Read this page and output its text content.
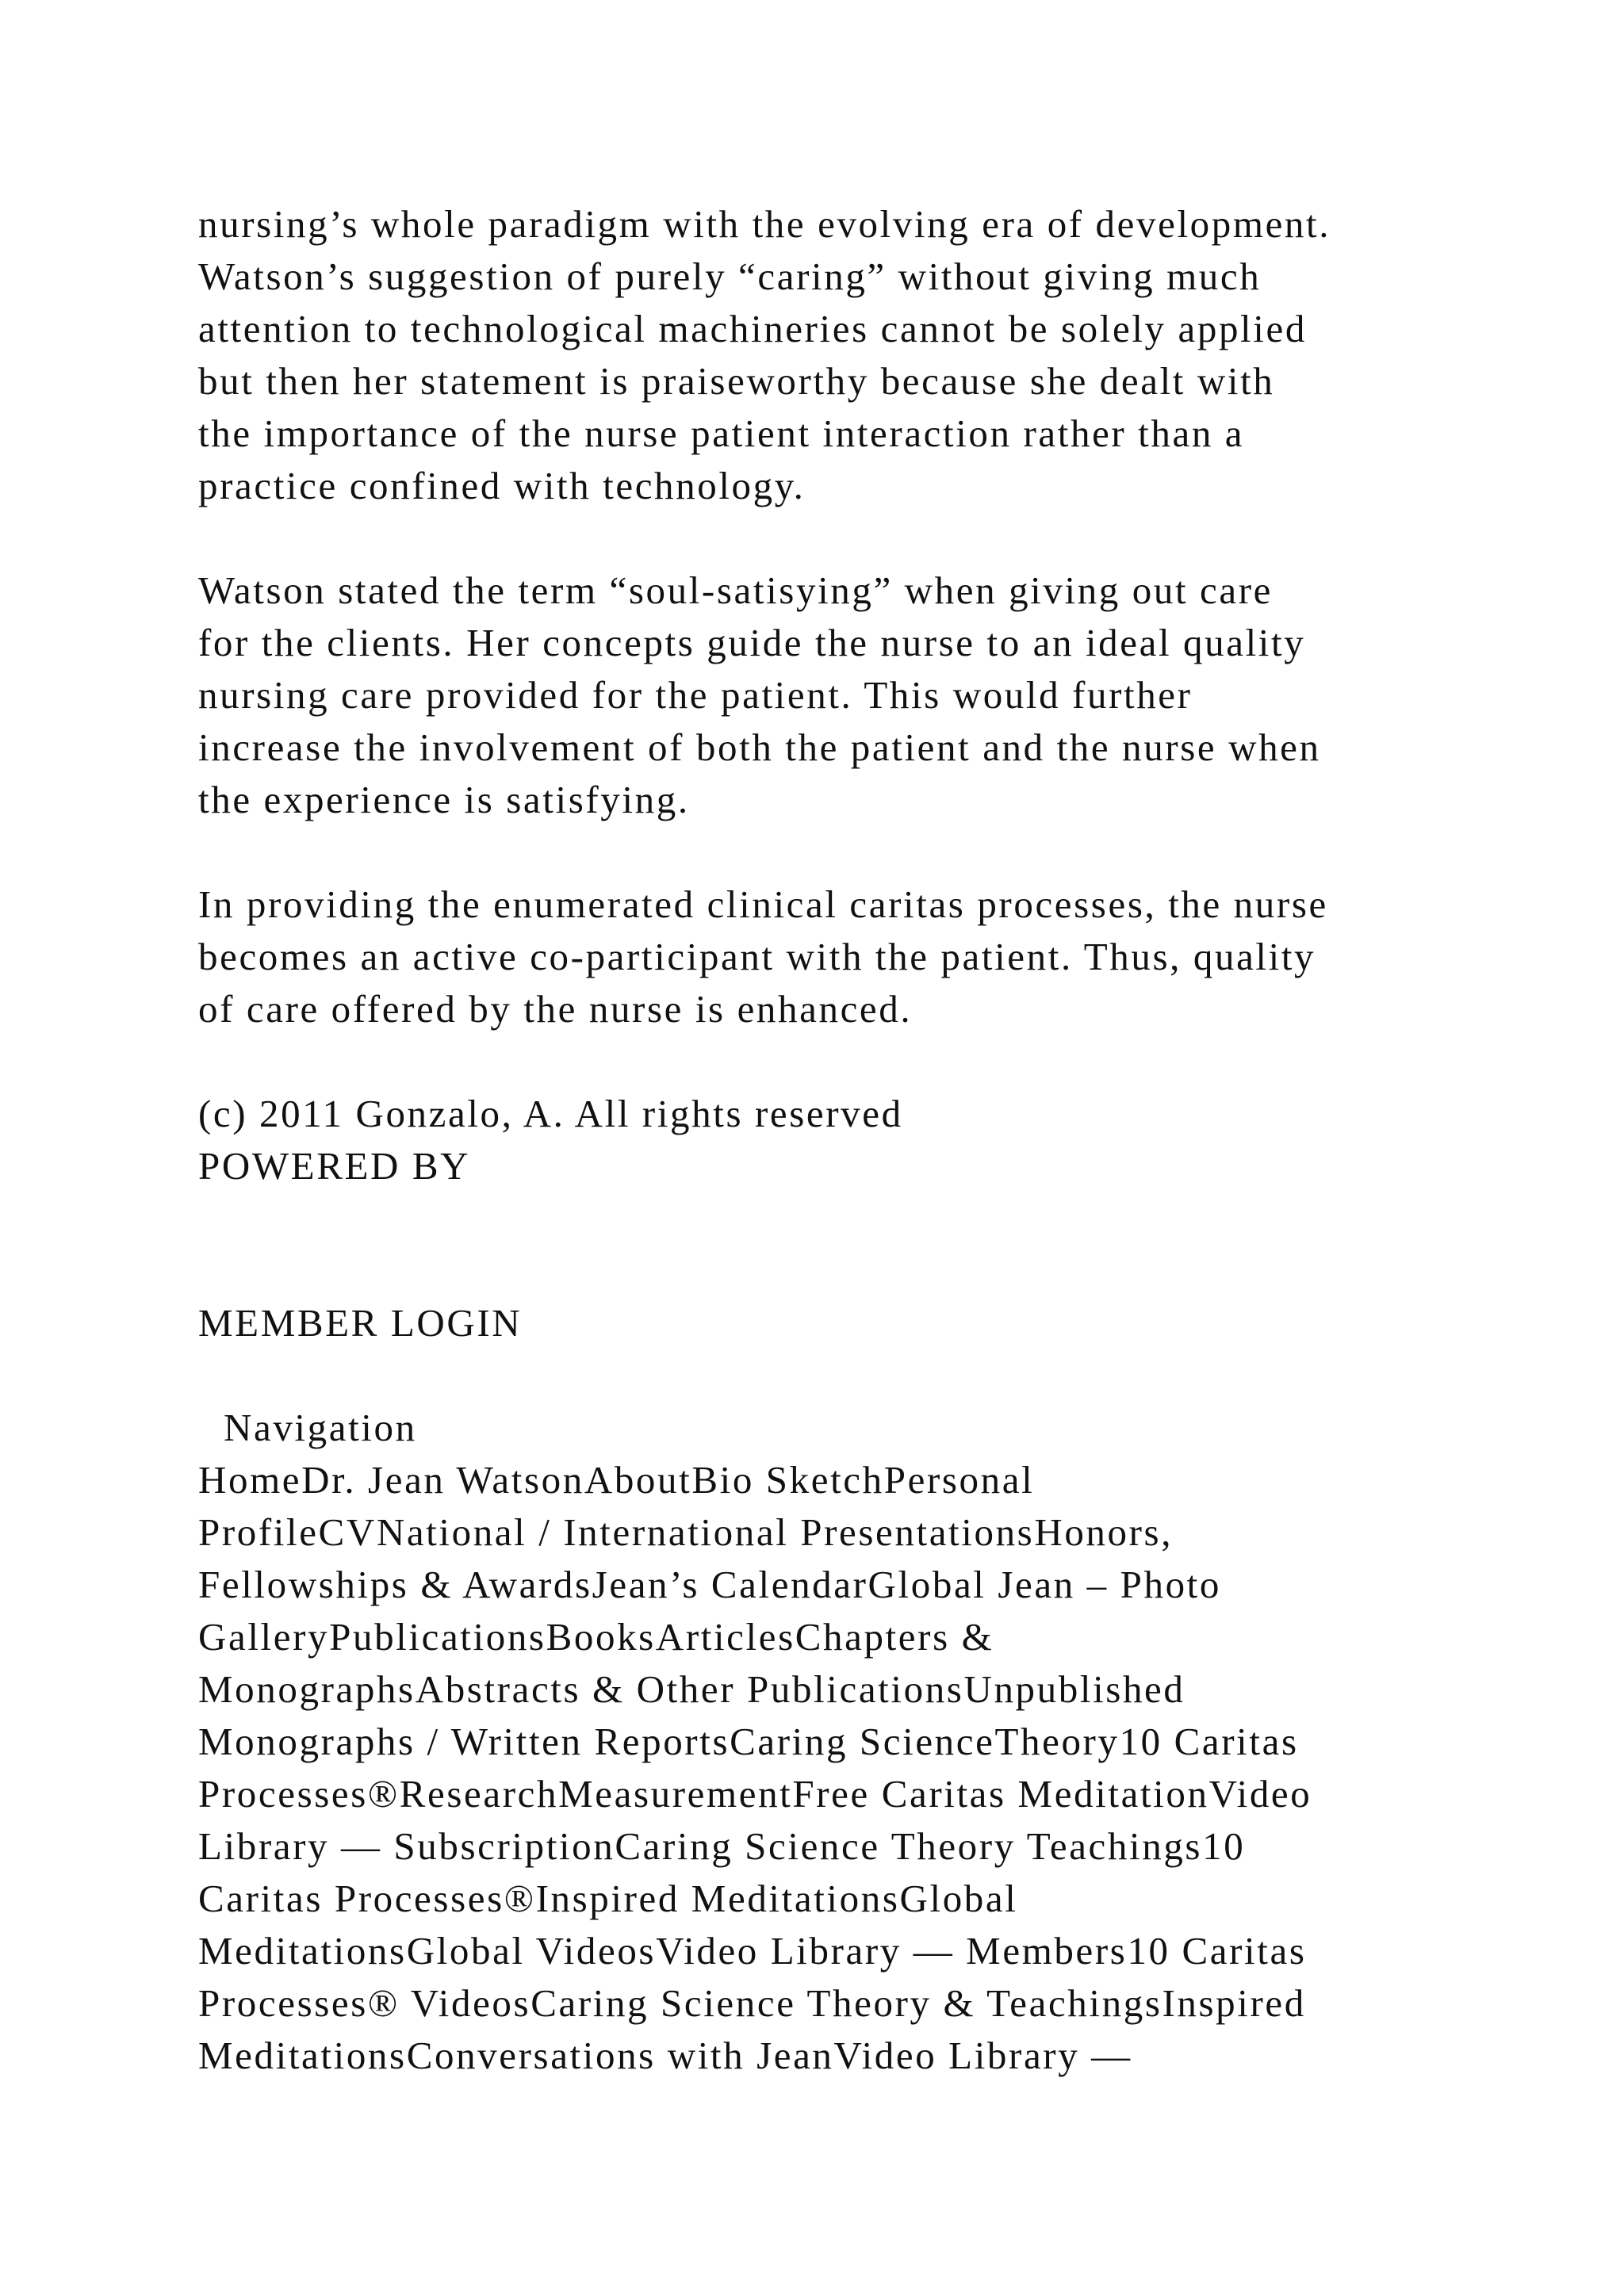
nursing’s whole paradigm with the evolving era of development.
Watson’s suggestion of purely “caring” without giving much
attention to technological machineries cannot be solely applied
but then her statement is praiseworthy because she dealt with
the importance of the nurse patient interaction rather than a
practice confined with technology.
Watson stated the term “soul-satisying” when giving out care
for the clients. Her concepts guide the nurse to an ideal quality
nursing care provided for the patient. This would further
increase the involvement of both the patient and the nurse when
the experience is satisfying.
In providing the enumerated clinical caritas processes, the nurse
becomes an active co-participant with the patient. Thus, quality
of care offered by the nurse is enhanced.
(c) 2011 Gonzalo, A. All rights reserved
POWERED BY
MEMBER LOGIN
Navigation
HomeDr. Jean WatsonAboutBio SketchPersonal
ProfileCVNational / International PresentationsHonors,
Fellowships & AwardsJean’s CalendarGlobal Jean – Photo
GalleryPublicationsBooksArticlesChapters &
MonographsAbstracts & Other PublicationsUnpublished
Monographs / Written ReportsCaring ScienceTheory10 Caritas
Processes®ResearchMeasurementFree Caritas MeditationVideo
Library — SubscriptionCaring Science Theory Teachings10
Caritas Processes®Inspired MeditationsGlobal
MeditationsGlobal VideosVideo Library — Members10 Caritas
Processes® VideosCaring Science Theory & TeachingsInspired
MeditationsConversations with JeanVideo Library —
